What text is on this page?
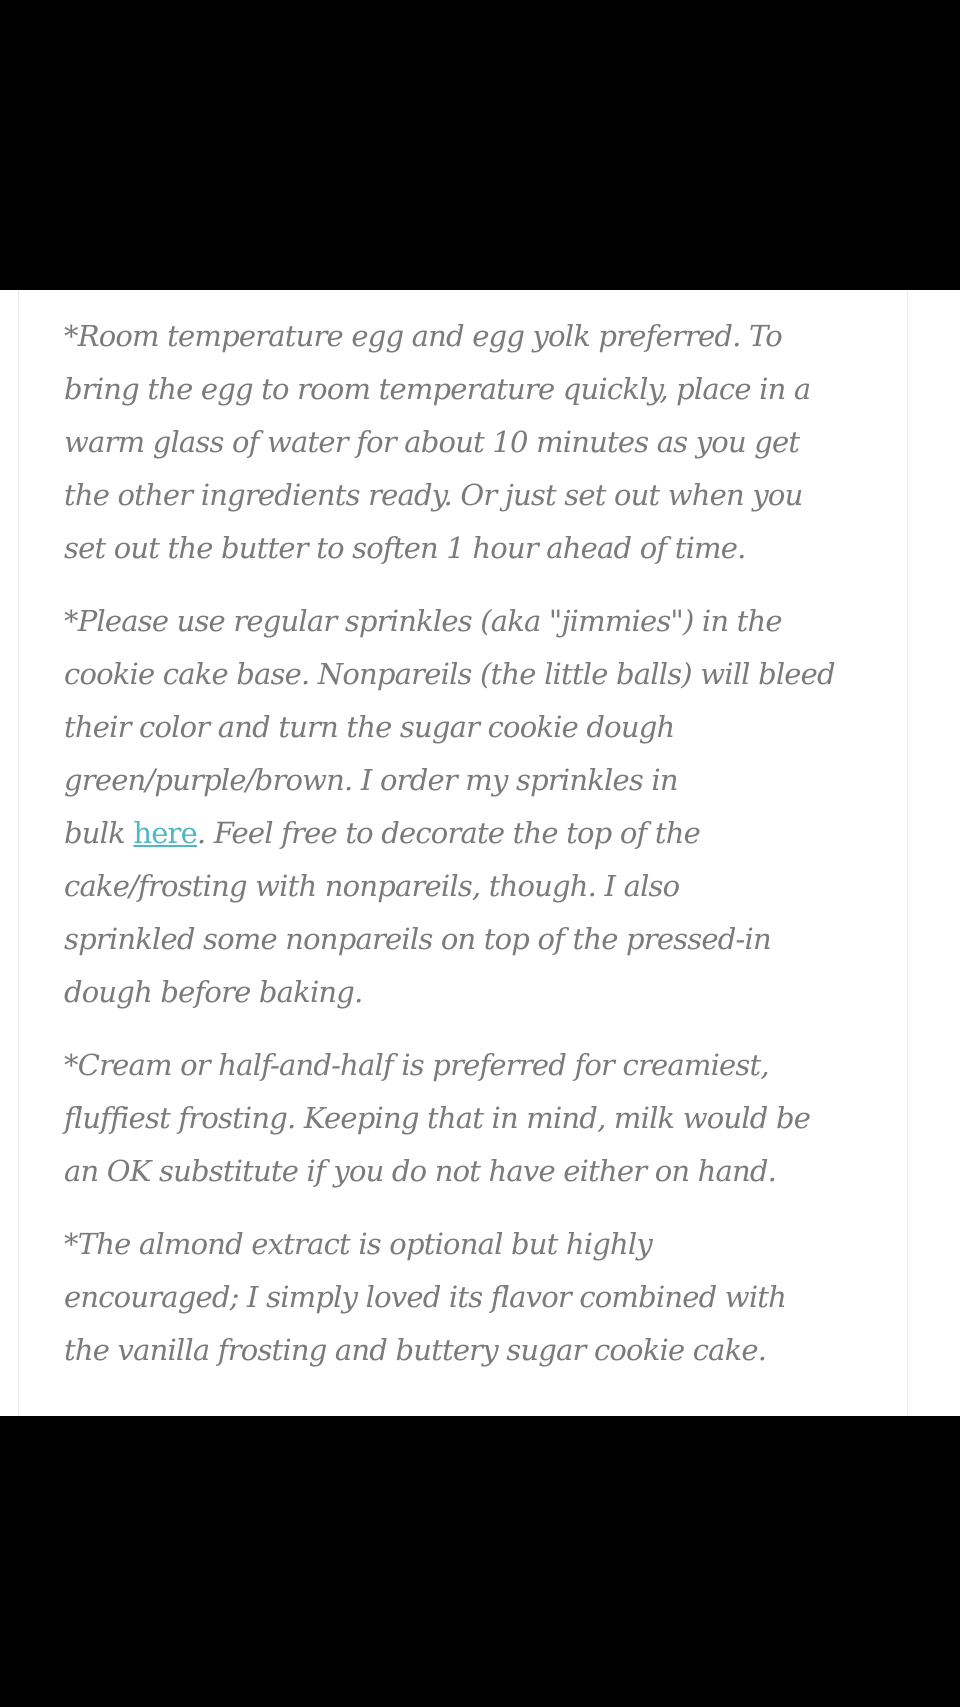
*Room temperature egg and egg yolk preferred. To
bring the egg to room temperature quickly, place in a
warm glass of water for about 10 minutes as you get
the other ingredients ready. Or just set out when you
set out the butter to soften 1 hour ahead of time.

*Please use regular sprinkles (aka "jimmies") in the
cookie cake base. Nonpareils (the little balls) will bleed
their color and turn the sugar cookie dough
green/purple/brown. I order my sprinkles in
bulk here. Feel free to decorate the top of the
cake/frosting with nonpareils, though. I also
sprinkled some nonpareils on top of the pressed-in
dough before baking.

*Cream or half-and-half is preferred for creamiest,
fluffiest frosting. Keeping that in mind, milk would be
an OK substitute if you do not have either on hand.

*The almond extract is optional but highly
encouraged; I simply loved its flavor combined with
the vanilla frosting and buttery sugar cookie cake.
